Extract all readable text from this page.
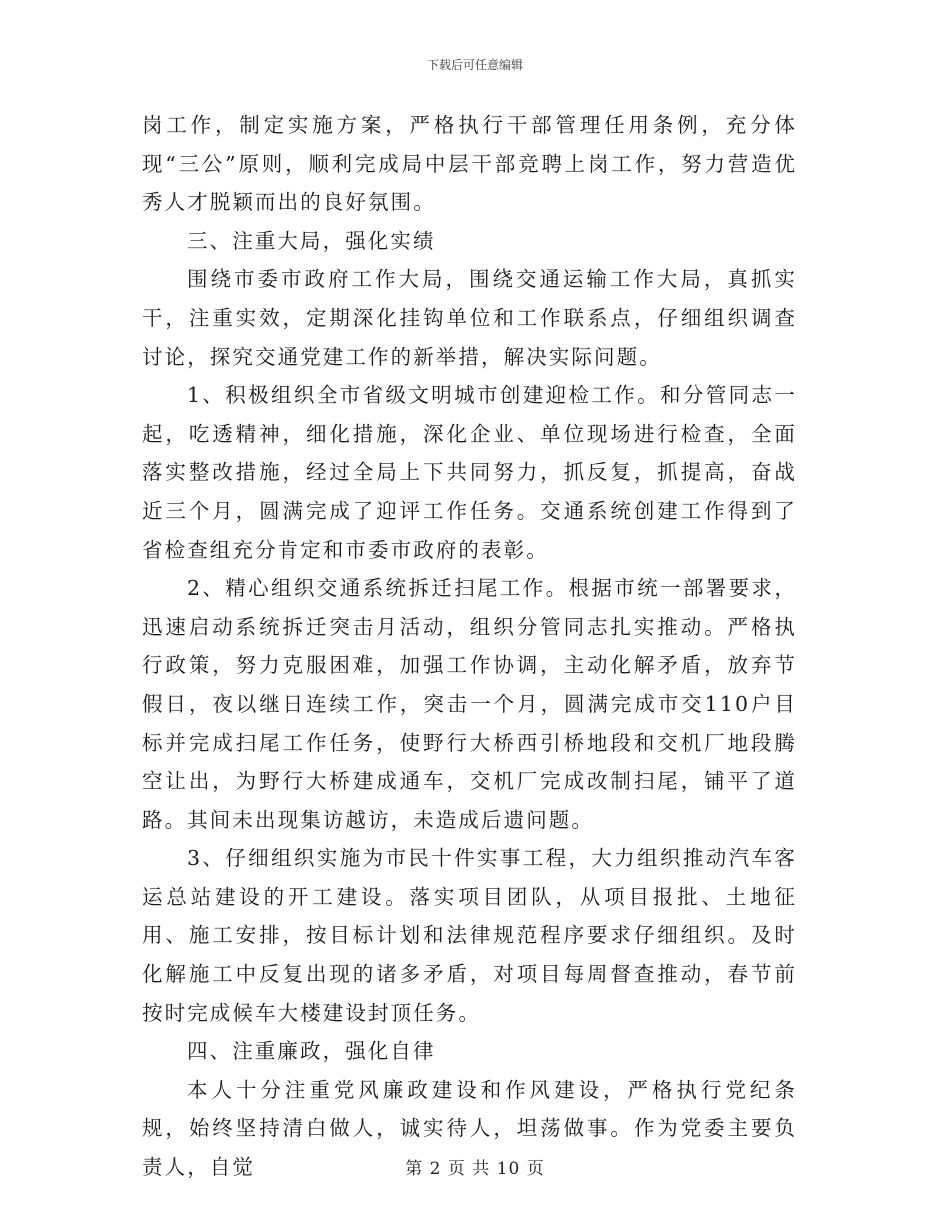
下载后可任意编辑

岗工作，制定实施方案，严格执行干部管理任用条例，充分体现“三公”原则，顺利完成局中层干部竞聘上岗工作，努力营造优秀人才脱颖而出的良好氛围。

三、注重大局，强化实绩

围绕市委市政府工作大局，围绕交通运输工作大局，真抓实干，注重实效，定期深化挂钩单位和工作联系点，仔细组织调查讨论，探究交通党建工作的新举措，解决实际问题。

1、积极组织全市省级文明城市创建迎检工作。和分管同志一起，吃透精神，细化措施，深化企业、单位现场进行检查，全面落实整改措施，经过全局上下共同努力，抓反复，抓提高，奋战近三个月，圆满完成了迎评工作任务。交通系统创建工作得到了省检查组充分肯定和市委市政府的表彰。

2、精心组织交通系统拆迁扫尾工作。根据市统一部署要求，迅速启动系统拆迁突击月活动，组织分管同志扎实推动。严格执行政策，努力克服困难，加强工作协调，主动化解矛盾，放弃节假日，夜以继日连续工作，突击一个月，圆满完成市交110户目标并完成扫尾工作任务，使野行大桥西引桥地段和交机厂地段腾空让出，为野行大桥建成通车，交机厂完成改制扫尾，铺平了道路。其间未出现集访越访，未造成后遗问题。

3、仔细组织实施为市民十件实事工程，大力组织推动汽车客运总站建设的开工建设。落实项目团队，从项目报批、土地征用、施工安排，按目标计划和法律规范程序要求仔细组织。及时化解施工中反复出现的诸多矛盾，对项目每周督查推动，春节前按时完成候车大楼建设封顶任务。

四、注重廉政，强化自律

本人十分注重党风廉政建设和作风建设，严格执行党纪条规，始终坚持清白做人，诚实待人，坦荡做事。作为党委主要负责人，自觉	第 2 页 共 10 页
